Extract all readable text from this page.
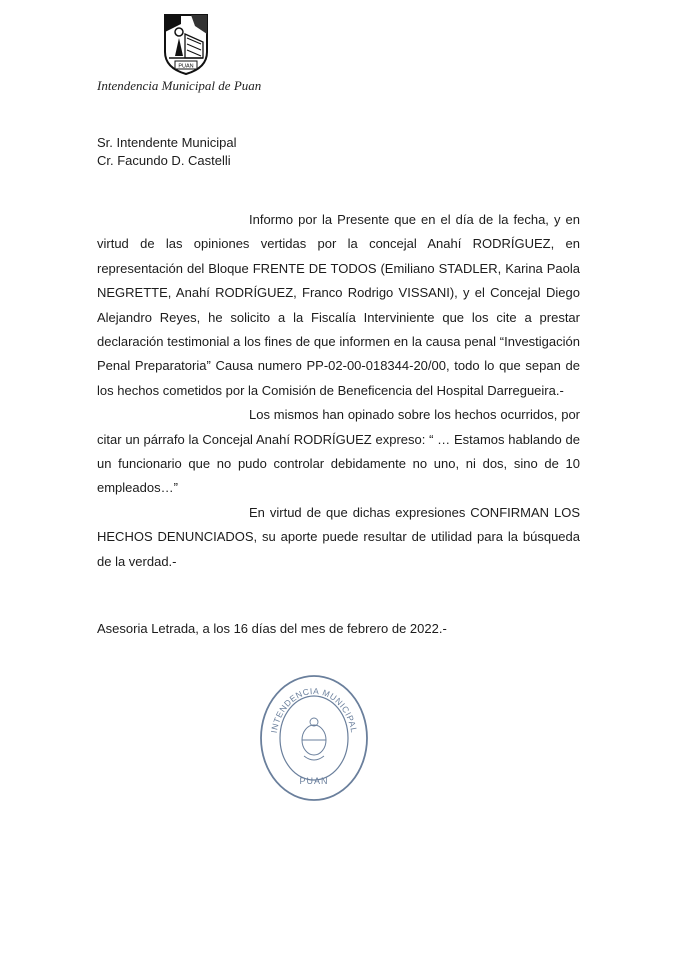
PUAN
Intendencia Municipal de Puan
Sr. Intendente Municipal
Cr. Facundo D. Castelli

Informo por la Presente que en el día de la fecha, y en virtud de las opiniones vertidas por la concejal Anahí RODRÍGUEZ, en representación del Bloque FRENTE DE TODOS (Emiliano STADLER, Karina Paola NEGRETTE, Anahí RODRÍGUEZ, Franco Rodrigo VISSANI), y el Concejal Diego Alejandro Reyes, he solicito a la Fiscalía Interviniente que los cite a prestar declaración testimonial a los fines de que informen en la causa penal “Investigación Penal Preparatoria” Causa numero PP-02-00-018344-20/00, todo lo que sepan de los hechos cometidos por la Comisión de Beneficencia del Hospital Darregueira.-

Los mismos han opinado sobre los hechos ocurridos, por citar un párrafo la Concejal Anahí RODRÍGUEZ expreso: “ … Estamos hablando de un funcionario que no pudo controlar debidamente no uno, ni dos, sino de 10 empleados…”

En virtud de que dichas expresiones CONFIRMAN LOS HECHOS DENUNCIADOS, su aporte puede resultar de utilidad para la búsqueda de la verdad.-

Asesoria Letrada, a los 16 días del mes de febrero de 2022.-
INTENDENCIA MUNICIPAL
PUAN
